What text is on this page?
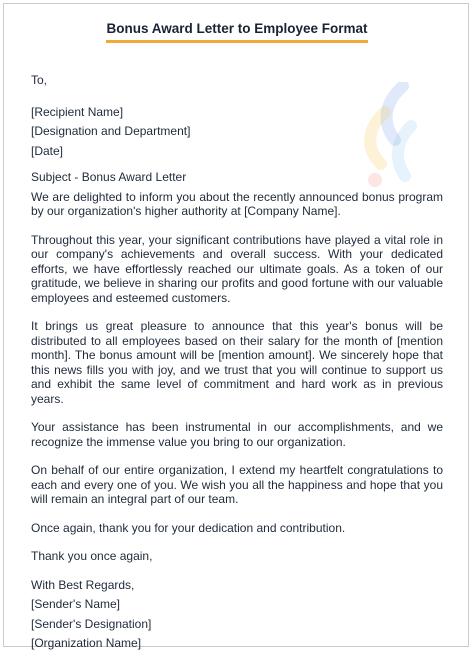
Bonus Award Letter to Employee Format

To,

[Recipient Name]

[Designation and Department]

[Date]

Subject - Bonus Award Letter

We are delighted to inform you about the recently announced bonus program by our organization's higher authority at [Company Name].

Throughout this year, your significant contributions have played a vital role in our company's achievements and overall success. With your dedicated efforts, we have effortlessly reached our ultimate goals. As a token of our gratitude, we believe in sharing our profits and good fortune with our valuable employees and esteemed customers.

It brings us great pleasure to announce that this year's bonus will be distributed to all employees based on their salary for the month of [mention month]. The bonus amount will be [mention amount]. We sincerely hope that this news fills you with joy, and we trust that you will continue to support us and exhibit the same level of commitment and hard work as in previous years.

Your assistance has been instrumental in our accomplishments, and we recognize the immense value you bring to our organization.

On behalf of our entire organization, I extend my heartfelt congratulations to each and every one of you. We wish you all the happiness and hope that you will remain an integral part of our team.

Once again, thank you for your dedication and contribution.

Thank you once again,

With Best Regards,

[Sender's Name]

[Sender's Designation]

[Organization Name]
